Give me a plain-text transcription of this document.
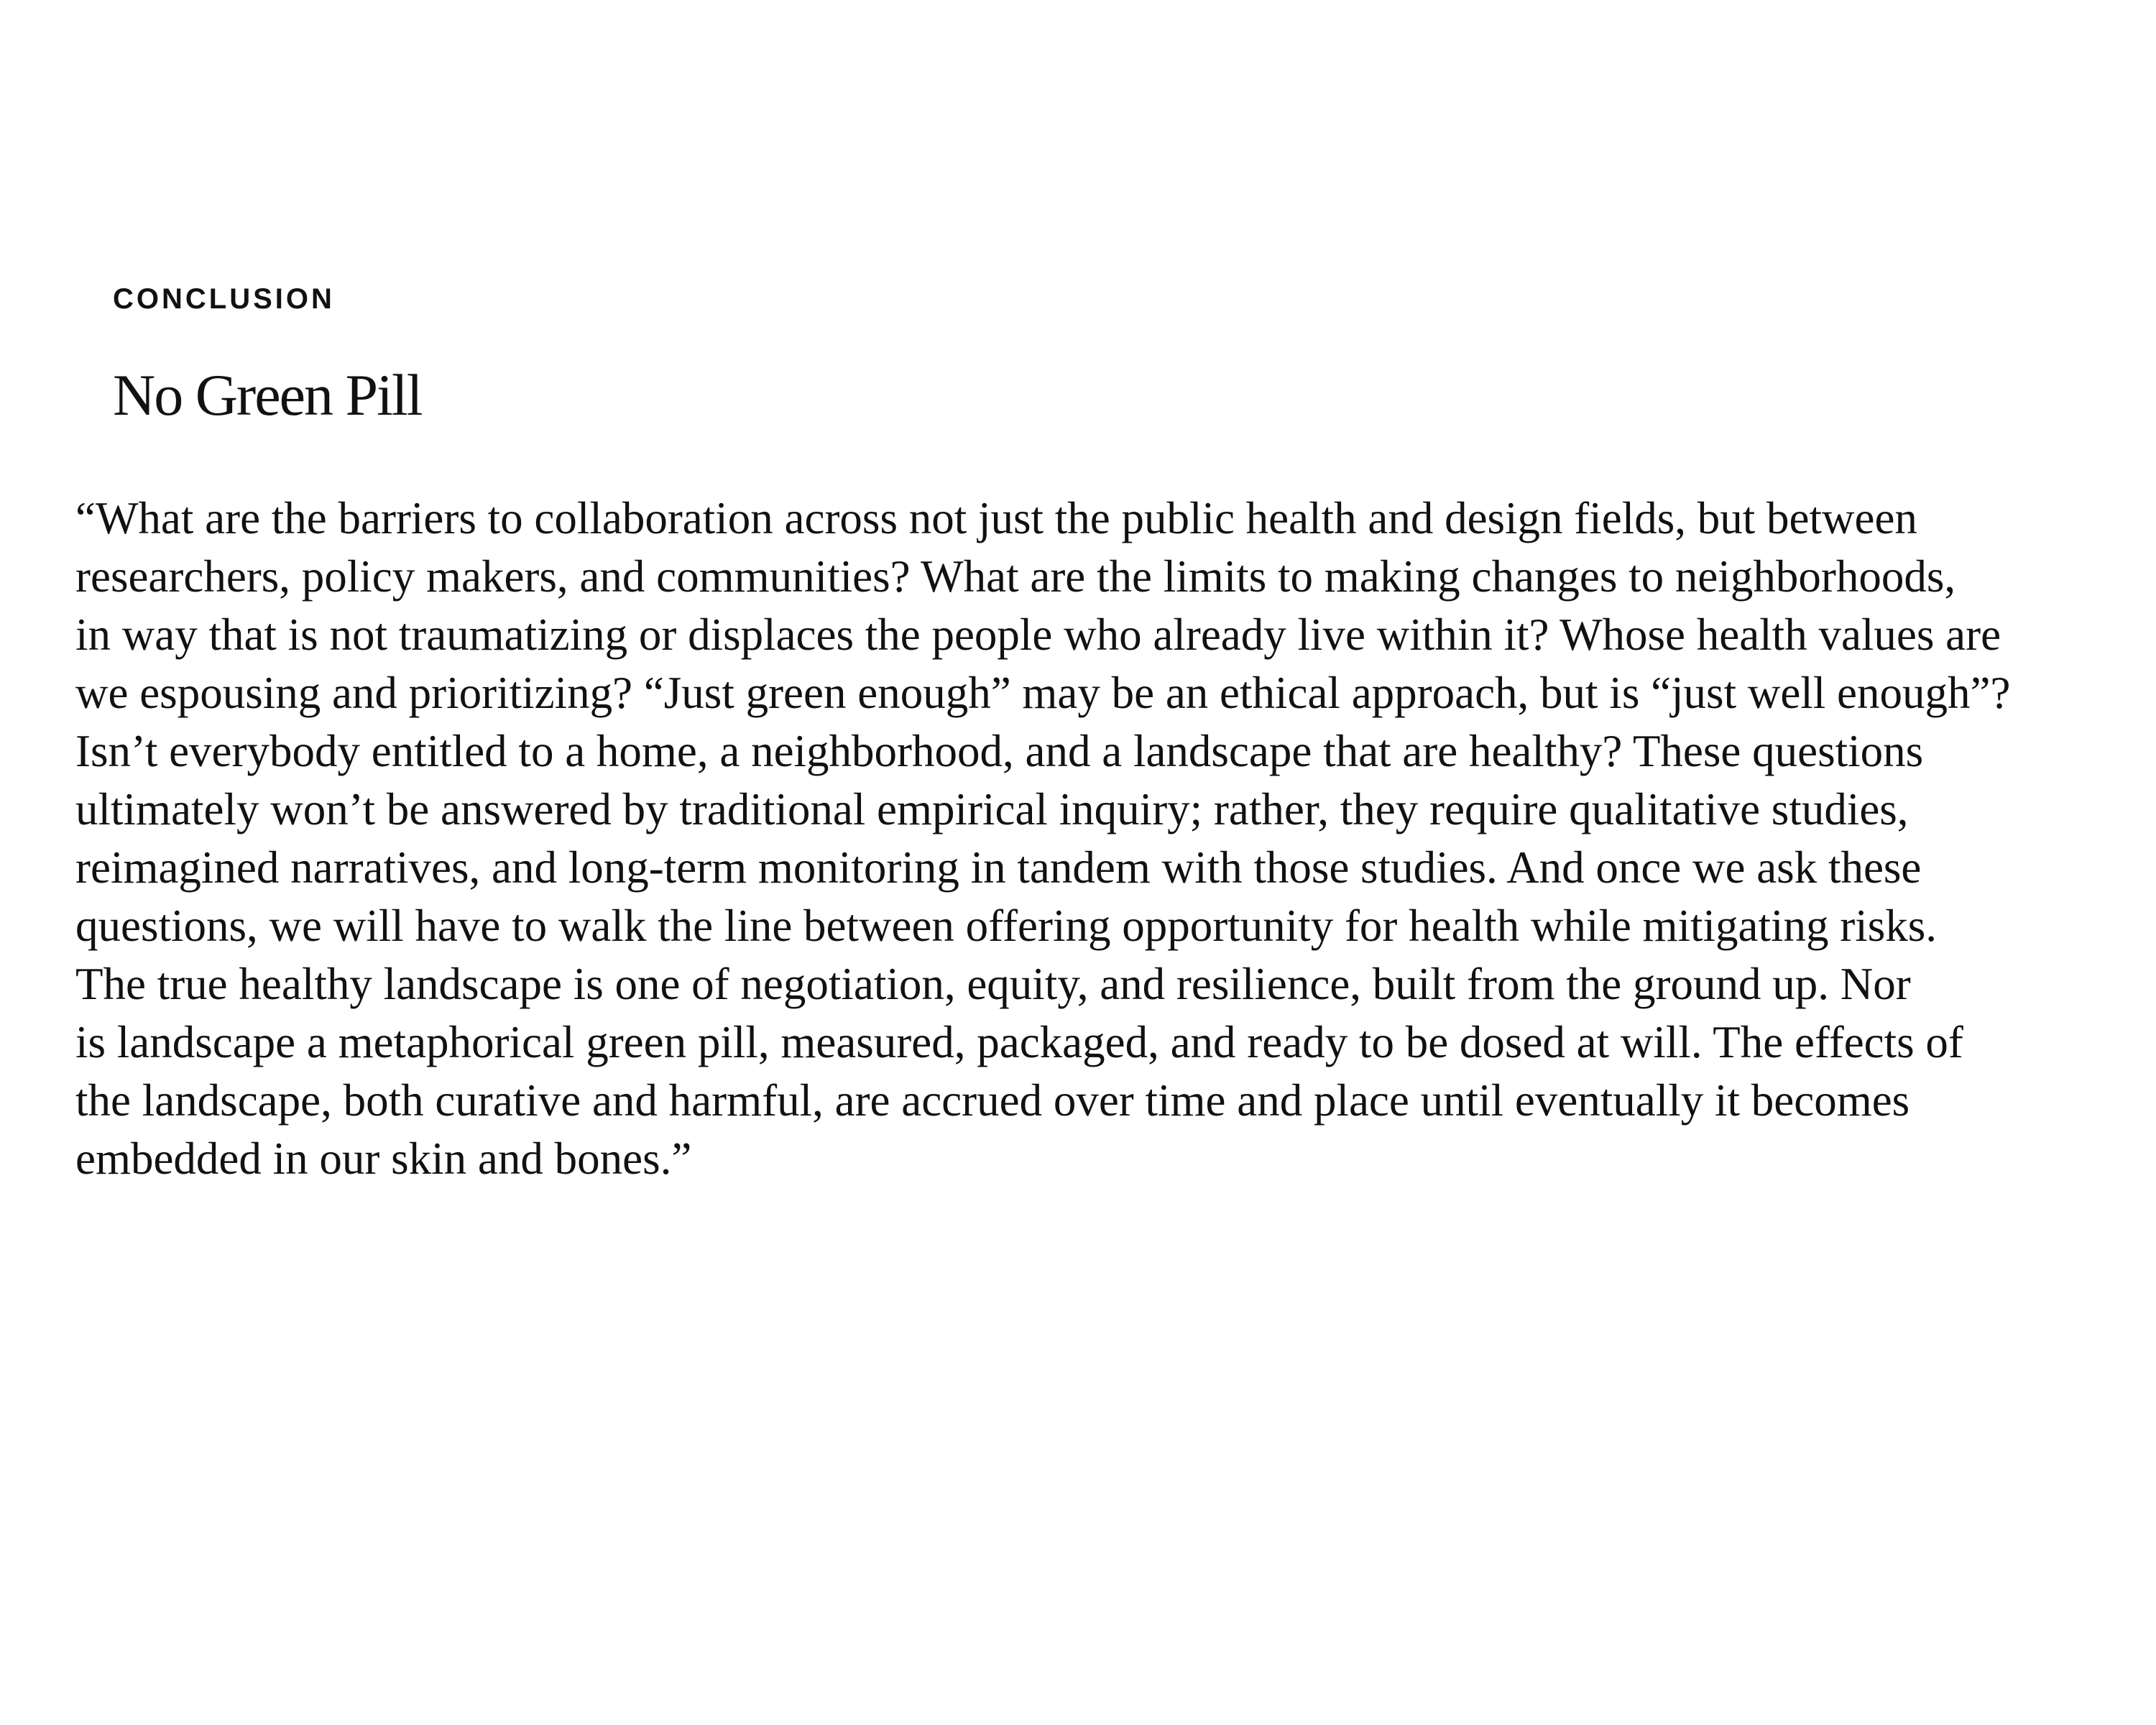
CONCLUSION
No Green Pill

“What are the barriers to collaboration across not just the public health and design fields, but between
researchers, policy makers, and communities? What are the limits to making changes to neighborhoods,
in way that is not traumatizing or displaces the people who already live within it? Whose health values are
we espousing and prioritizing? “Just green enough” may be an ethical approach, but is “just well enough”?
Isn’t everybody entitled to a home, a neighborhood, and a landscape that are healthy? These questions
ultimately won’t be answered by traditional empirical inquiry; rather, they require qualitative studies,
reimagined narratives, and long-term monitoring in tandem with those studies. And once we ask these
questions, we will have to walk the line between offering opportunity for health while mitigating risks.
The true healthy landscape is one of negotiation, equity, and resilience, built from the ground up. Nor
is landscape a metaphorical green pill, measured, packaged, and ready to be dosed at will. The effects of
the landscape, both curative and harmful, are accrued over time and place until eventually it becomes
embedded in our skin and bones.”
